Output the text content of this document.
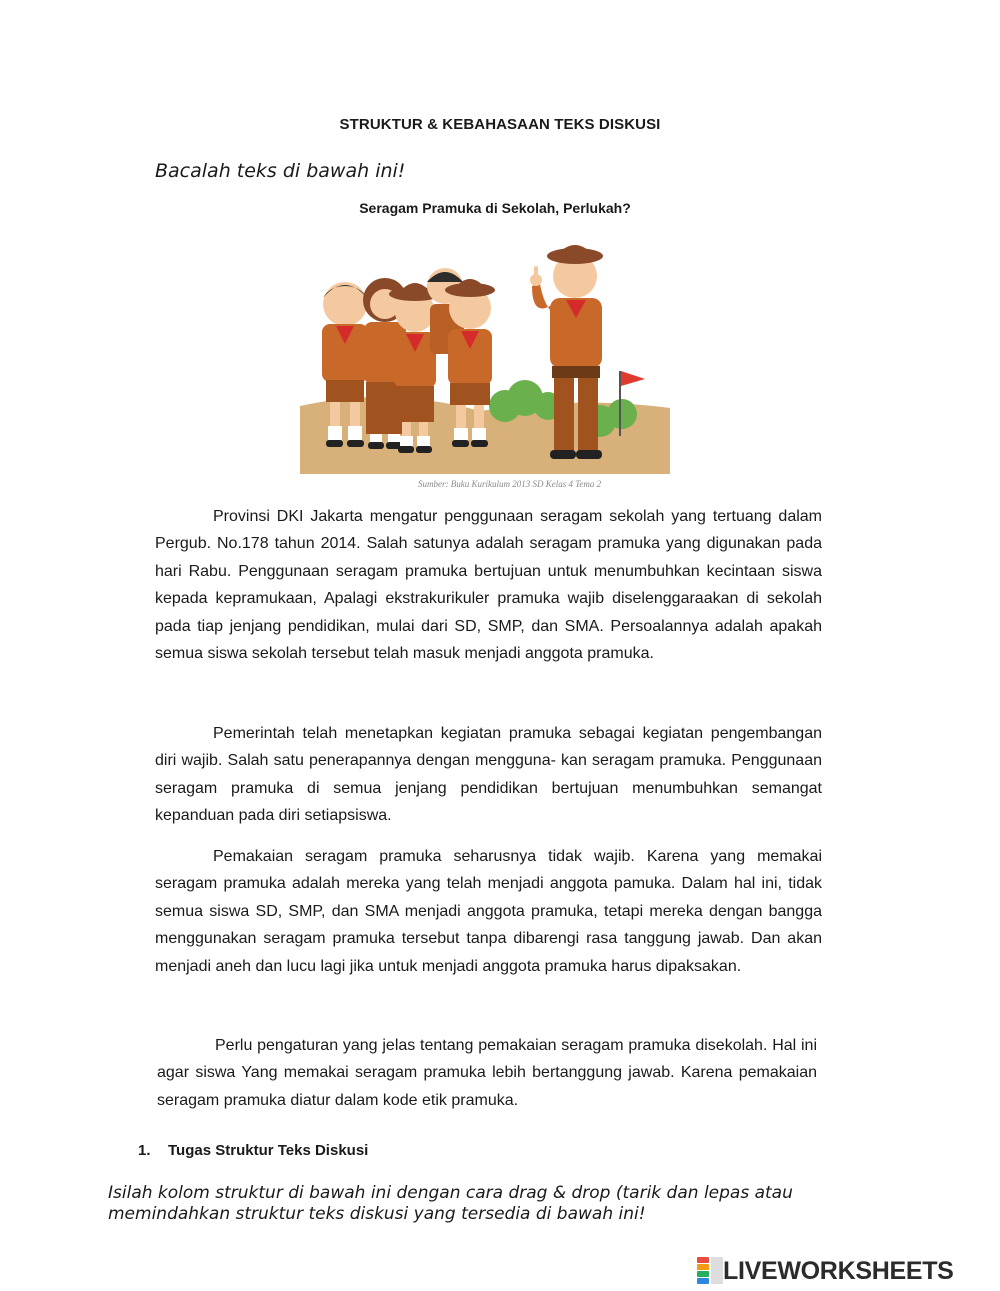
STRUKTUR & KEBAHASAAN TEKS DISKUSI
Bacalah teks di bawah ini!
Seragam Pramuka di Sekolah, Perlukah?
Sumber: Buku Kurikulum 2013 SD Kelas 4 Tema 2
Provinsi DKI Jakarta mengatur penggunaan seragam sekolah yang tertuang dalam Pergub. No.178 tahun 2014. Salah satunya adalah seragam pramuka yang digunakan pada hari Rabu. Penggunaan seragam pramuka bertujuan untuk menumbuhkan kecintaan siswa kepada kepramukaan, Apalagi ekstrakurikuler pramuka wajib diselenggaraakan di sekolah pada tiap jenjang pendidikan, mulai dari SD, SMP, dan SMA. Persoalannya adalah apakah semua siswa sekolah tersebut telah masuk menjadi anggota pramuka.
Pemerintah telah menetapkan kegiatan pramuka sebagai kegiatan pengembangan diri wajib. Salah satu penerapannya dengan mengguna- kan seragam pramuka. Penggunaan seragam pramuka di semua jenjang pendidikan bertujuan menumbuhkan semangat kepanduan pada diri setiapsiswa.
Pemakaian seragam pramuka seharusnya tidak wajib. Karena yang memakai seragam pramuka adalah mereka yang telah menjadi anggota pamuka. Dalam hal ini, tidak semua siswa SD, SMP, dan SMA menjadi anggota pramuka, tetapi mereka dengan bangga menggunakan seragam pramuka tersebut tanpa dibarengi rasa tanggung jawab. Dan akan menjadi aneh dan lucu lagi jika untuk menjadi anggota pramuka harus dipaksakan.
Perlu pengaturan yang jelas tentang pemakaian seragam pramuka disekolah. Hal ini agar siswa Yang memakai seragam pramuka lebih bertanggung jawab. Karena pemakaian seragam pramuka diatur dalam kode etik pramuka.
1. Tugas Struktur Teks Diskusi
Isilah kolom struktur di bawah ini dengan cara drag & drop (tarik dan lepas atau memindahkan struktur teks diskusi yang tersedia di bawah ini!
LIVEWORKSHEETS
